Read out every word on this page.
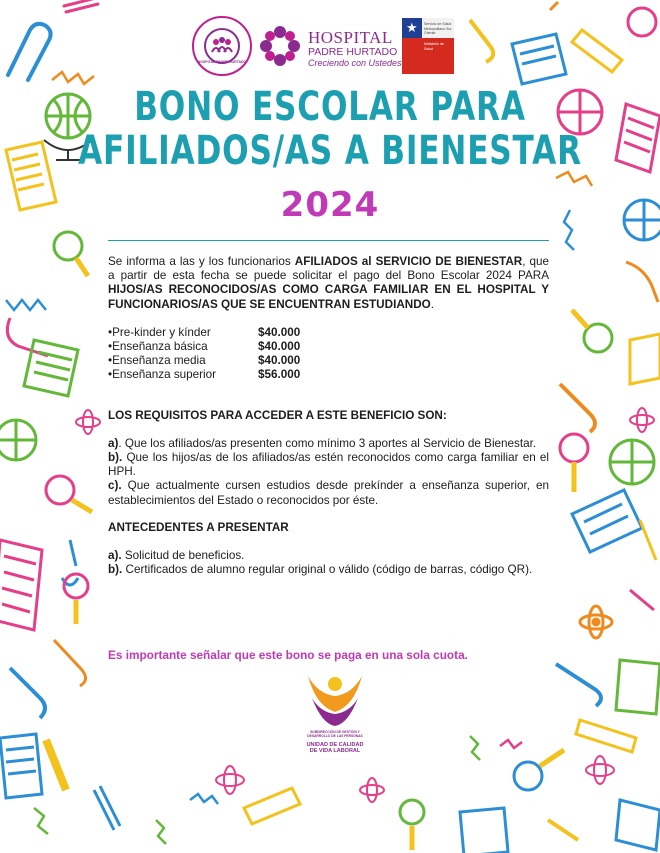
HOSPITAL PADRE HURTADO
HOSPITAL
PADRE HURTADO
Creciendo con Ustedes
★ Servicio de Salud Metropolitano Sur Oriente
Ministerio de Salud
BONO ESCOLAR PARA
AFILIADOS/AS A BIENESTAR
2024

Se informa a las y los funcionarios AFILIADOS al SERVICIO DE BIENESTAR, que a partir de esta fecha se puede solicitar el pago del Bono Escolar 2024 PARA HIJOS/AS RECONOCIDOS/AS COMO CARGA FAMILIAR EN EL HOSPITAL Y FUNCIONARIOS/AS QUE SE ENCUENTRAN ESTUDIANDO.

• Pre-kinder y kínder	$40.000
• Enseñanza básica	$40.000
• Enseñanza media	$40.000
• Enseñanza superior	$56.000

LOS REQUISITOS PARA ACCEDER A ESTE BENEFICIO SON:

a). Que los afiliados/as presenten como mínimo 3 aportes al Servicio de Bienestar.

b). Que los hijos/as de los afiliados/as estén reconocidos como carga familiar en el HPH.

c). Que actualmente cursen estudios desde prekínder a enseñanza superior, en establecimientos del Estado o reconocidos por éste.

ANTECEDENTES A PRESENTAR

a). Solicitud de beneficios.

b). Certificados de alumno regular original o válido (código de barras, código QR).

Es importante señalar que este bono se paga en una sola cuota.
SUBDIRECCIÓN DE GESTIÓN Y DESARROLLO DE LAS PERSONAS
UNIDAD DE CALIDAD
DE VIDA LABORAL
